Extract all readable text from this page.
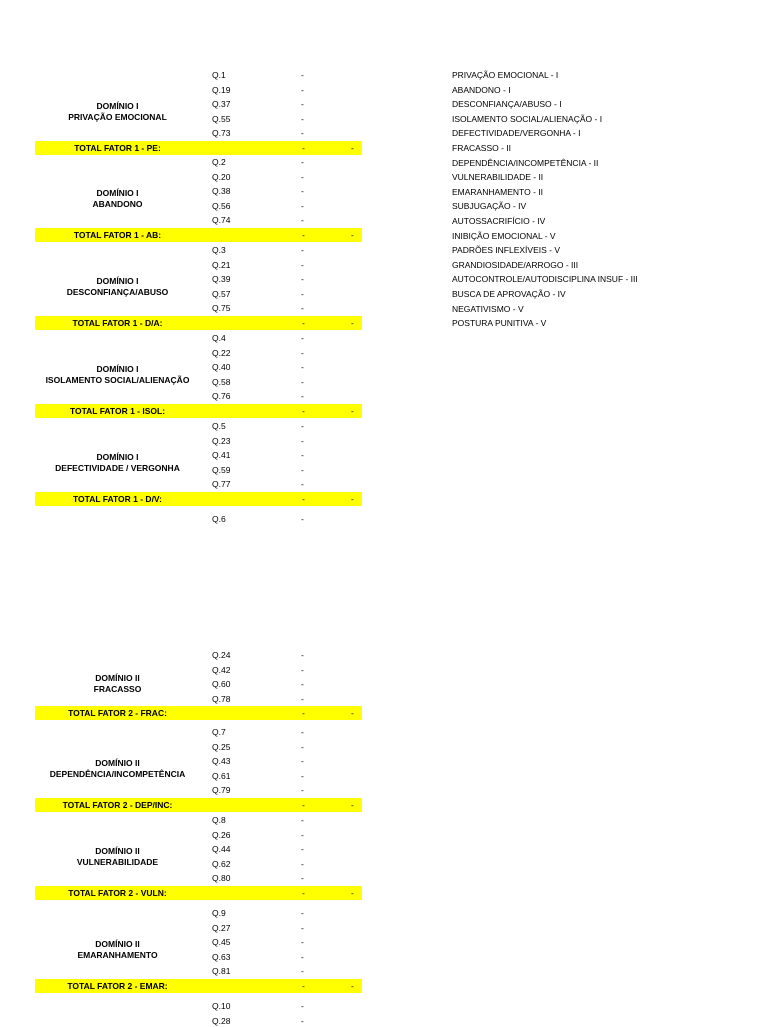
Q.1	-
Q.19	-
Q.37	-
Q.55	-
Q.73	-
DOMÍNIO I
PRIVAÇÃO EMOCIONAL
TOTAL FATOR 1 - PE:	-	-
Q.2	-
Q.20	-
Q.38	-
Q.56	-
Q.74	-
DOMÍNIO I
ABANDONO
TOTAL FATOR 1 - AB:	-	-
Q.3	-
Q.21	-
Q.39	-
Q.57	-
Q.75	-
DOMÍNIO I
DESCONFIANÇA/ABUSO
TOTAL FATOR 1 - D/A:	-	-
Q.4	-
Q.22	-
Q.40	-
Q.58	-
Q.76	-
DOMÍNIO I
ISOLAMENTO SOCIAL/ALIENAÇÃO
TOTAL FATOR 1 - ISOL:	-	-
Q.5	-
Q.23	-
Q.41	-
Q.59	-
Q.77	-
DOMÍNIO I
DEFECTIVIDADE / VERGONHA
TOTAL FATOR 1 - D/V:	-	-
Q.6	-
Q.24	-
Q.42	-
Q.60	-
Q.78	-
DOMÍNIO II
FRACASSO
TOTAL FATOR 2 - FRAC:	-	-
Q.7	-
Q.25	-
Q.43	-
Q.61	-
Q.79	-
DOMÍNIO II
DEPENDÊNCIA/INCOMPETÊNCIA
TOTAL FATOR 2 - DEP/INC:	-	-
Q.8	-
Q.26	-
Q.44	-
Q.62	-
Q.80	-
DOMÍNIO II
VULNERABILIDADE
TOTAL FATOR 2 - VULN:	-	-
Q.9	-
Q.27	-
Q.45	-
Q.63	-
Q.81	-
DOMÍNIO II
EMARANHAMENTO
TOTAL FATOR 2 - EMAR:	-	-
Q.10	-
Q.28	-
PRIVAÇÃO EMOCIONAL - I
ABANDONO - I
DESCONFIANÇA/ABUSO - I
ISOLAMENTO SOCIAL/ALIENAÇÃO - I
DEFECTIVIDADE/VERGONHA - I
FRACASSO - II
DEPENDÊNCIA/INCOMPETÊNCIA - II
VULNERABILIDADE - II
EMARANHAMENTO - II
SUBJUGAÇÃO - IV
AUTOSSACRIFÍCIO - IV
INIBIÇÃO EMOCIONAL - V
PADRÕES INFLEXÍVEIS - V
GRANDIOSIDADE/ARROGO - III
AUTOCONTROLE/AUTODISCIPLINA INSUF - III
BUSCA DE APROVAÇÃO - IV
NEGATIVISMO - V
POSTURA PUNITIVA - V
